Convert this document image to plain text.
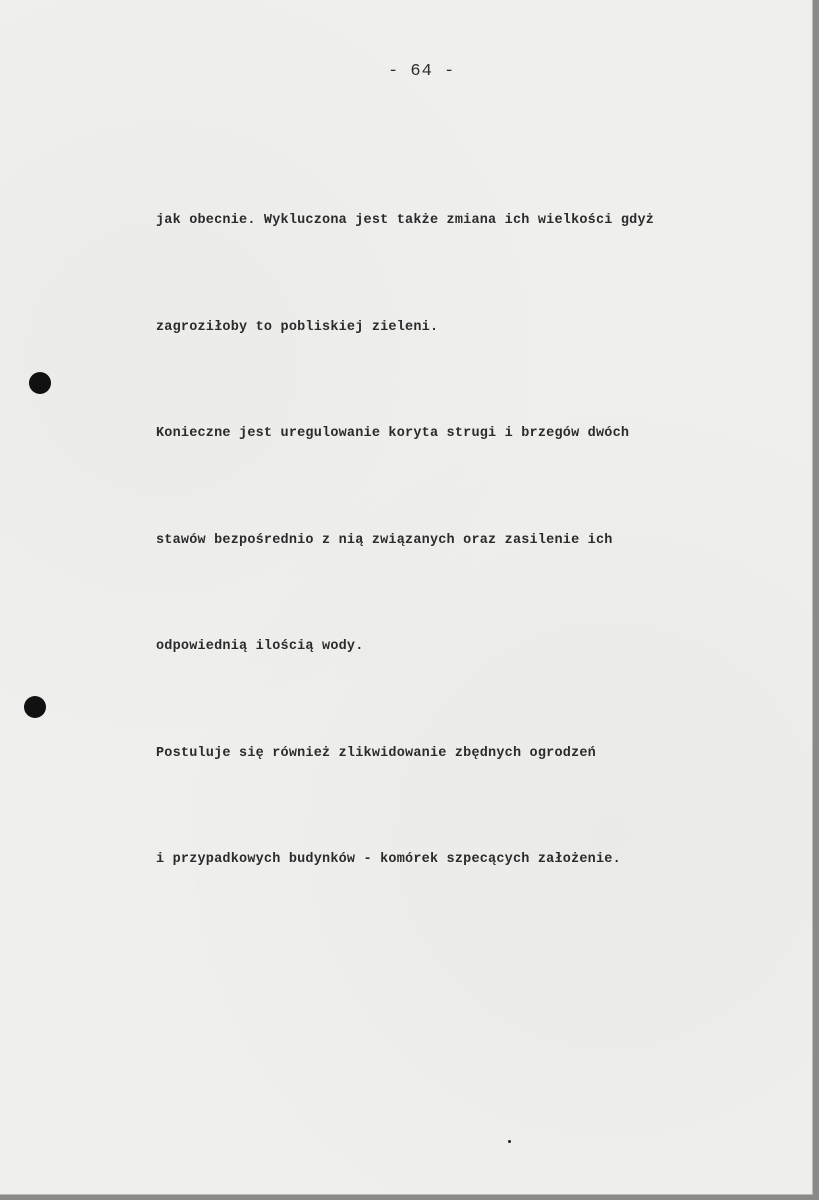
- 64 -

jak obecnie. Wykluczona jest także zmiana ich wielkości gdyż

zagroziłoby to pobliskiej zieleni.

Konieczne jest uregulowanie koryta strugi i brzegów dwóch

stawów bezpośrednio z nią związanych oraz zasilenie ich

odpowiednią ilością wody.

Postuluje się również zlikwidowanie zbędnych ogrodzeń

i przypadkowych budynków - komórek szpecących założenie.
